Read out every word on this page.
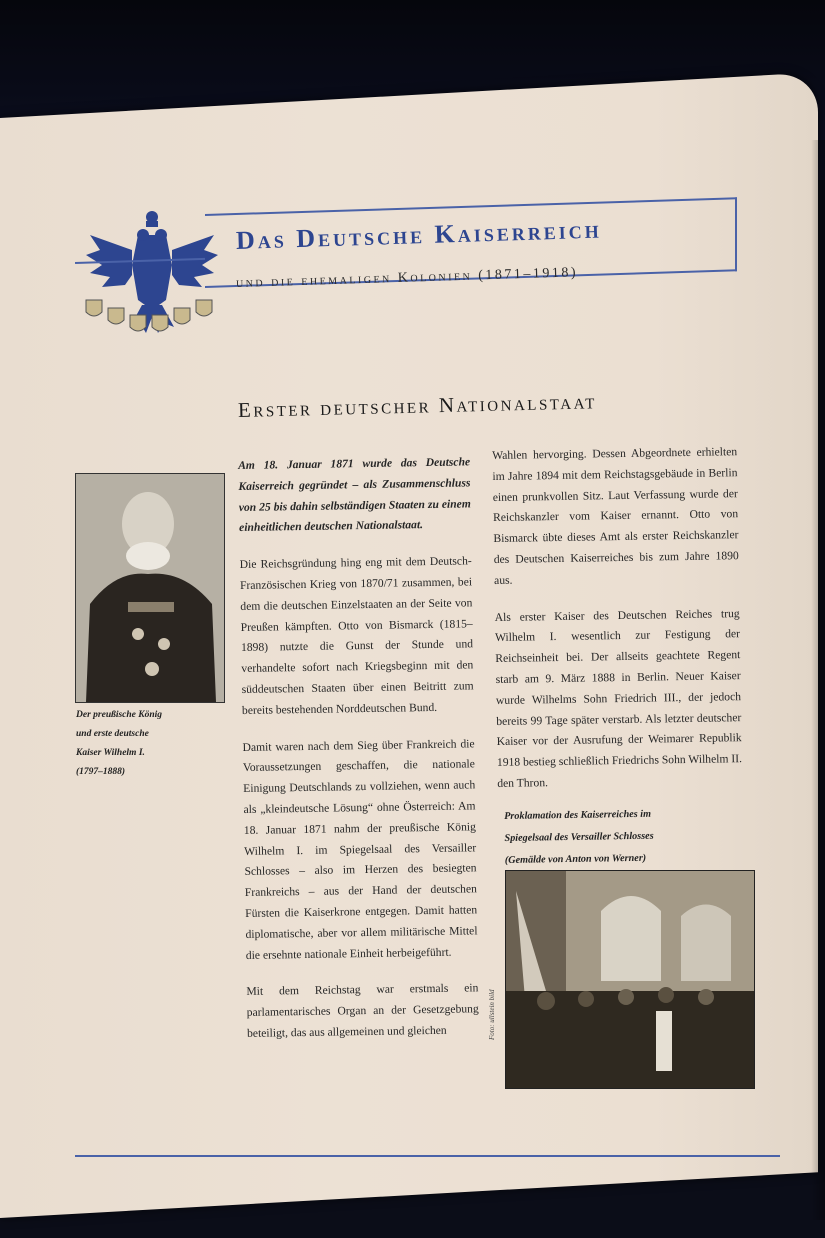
Das Deutsche Kaiserreich
und die ehemaligen Kolonien (1871–1918)
Erster deutscher Nationalstaat
Der preußische König
und erste deutsche
Kaiser Wilhelm I.
(1797–1888)

Am 18. Januar 1871 wurde das Deutsche Kaiserreich gegründet – als Zusammenschluss von 25 bis dahin selbständigen Staaten zu einem einheitlichen deutschen Nationalstaat.

Die Reichsgründung hing eng mit dem Deutsch-Französischen Krieg von 1870/71 zusammen, bei dem die deutschen Einzelstaaten an der Seite von Preußen kämpften. Otto von Bismarck (1815–1898) nutzte die Gunst der Stunde und verhandelte sofort nach Kriegsbeginn mit den süddeutschen Staaten über einen Beitritt zum bereits bestehenden Norddeutschen Bund.

Damit waren nach dem Sieg über Frankreich die Voraussetzungen geschaffen, die nationale Einigung Deutschlands zu vollziehen, wenn auch als „kleindeutsche Lösung“ ohne Österreich: Am 18. Januar 1871 nahm der preußische König Wilhelm I. im Spiegelsaal des Versailler Schlosses – also im Herzen des besiegten Frankreichs – aus der Hand der deutschen Fürsten die Kaiserkrone entgegen. Damit hatten diplomatische, aber vor allem militärische Mittel die ersehnte nationale Einheit herbeigeführt.

Mit dem Reichstag war erstmals ein parlamentarisches Organ an der Gesetzgebung beteiligt, das aus allgemeinen und gleichen

Wahlen hervorging. Dessen Abgeordnete erhielten im Jahre 1894 mit dem Reichstagsgebäude in Berlin einen prunkvollen Sitz. Laut Verfassung wurde der Reichskanzler vom Kaiser ernannt. Otto von Bismarck übte dieses Amt als erster Reichskanzler des Deutschen Kaiserreiches bis zum Jahre 1890 aus.

Als erster Kaiser des Deutschen Reiches trug Wilhelm I. wesentlich zur Festigung der Reichseinheit bei. Der allseits geachtete Regent starb am 9. März 1888 in Berlin. Neuer Kaiser wurde Wilhelms Sohn Friedrich III., der jedoch bereits 99 Tage später verstarb. Als letzter deutscher Kaiser vor der Ausrufung der Weimarer Republik 1918 bestieg schließlich Friedrichs Sohn Wilhelm II. den Thron.

Proklamation des Kaiserreiches im
Spiegelsaal des Versailler Schlosses
(Gemälde von Anton von Werner)
Foto: ullstein bild
